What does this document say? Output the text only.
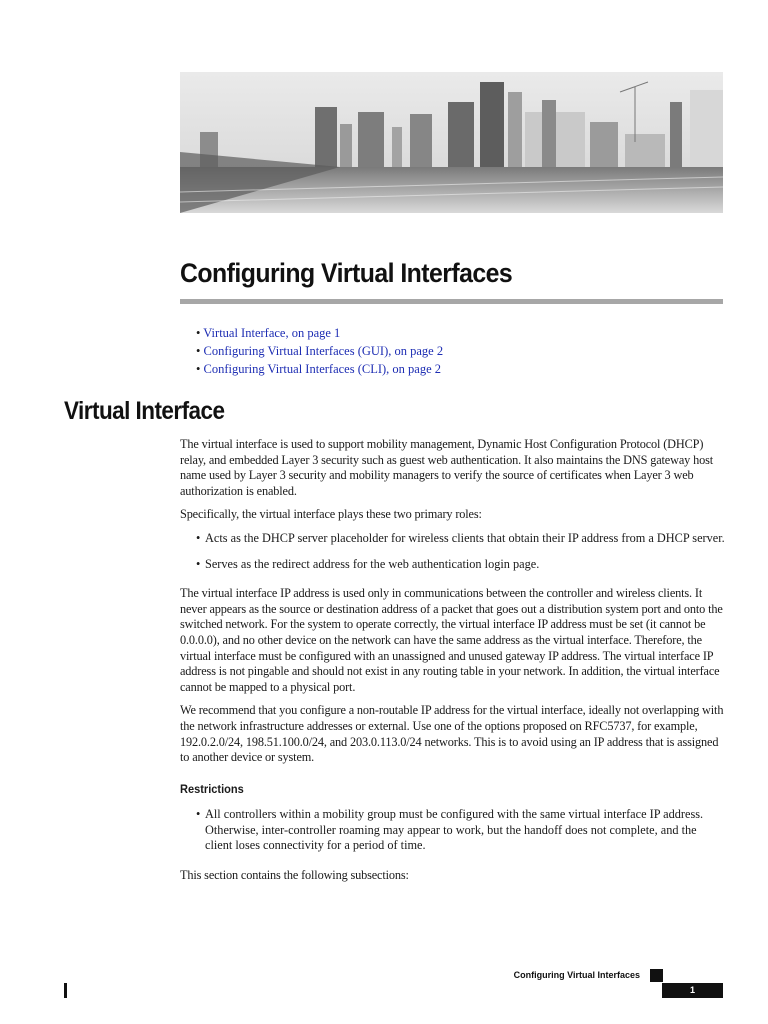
Configuring Virtual Interfaces
• Virtual Interface, on page 1
• Configuring Virtual Interfaces (GUI), on page 2
• Configuring Virtual Interfaces (CLI), on page 2
Virtual Interface

The virtual interface is used to support mobility management, Dynamic Host Configuration Protocol (DHCP) relay, and embedded Layer 3 security such as guest web authentication. It also maintains the DNS gateway host name used by Layer 3 security and mobility managers to verify the source of certificates when Layer 3 web authorization is enabled.

Specifically, the virtual interface plays these two primary roles:

• Acts as the DHCP server placeholder for wireless clients that obtain their IP address from a DHCP server.
• Serves as the redirect address for the web authentication login page.

The virtual interface IP address is used only in communications between the controller and wireless clients. It never appears as the source or destination address of a packet that goes out a distribution system port and onto the switched network. For the system to operate correctly, the virtual interface IP address must be set (it cannot be 0.0.0.0), and no other device on the network can have the same address as the virtual interface. Therefore, the virtual interface must be configured with an unassigned and unused gateway IP address. The virtual interface IP address is not pingable and should not exist in any routing table in your network. In addition, the virtual interface cannot be mapped to a physical port.

We recommend that you configure a non-routable IP address for the virtual interface, ideally not overlapping with the network infrastructure addresses or external. Use one of the options proposed on RFC5737, for example, 192.0.2.0/24, 198.51.100.0/24, and 203.0.113.0/24 networks. This is to avoid using an IP address that is assigned to another device or system.

Restrictions
• All controllers within a mobility group must be configured with the same virtual interface IP address. Otherwise, inter-controller roaming may appear to work, but the handoff does not complete, and the client loses connectivity for a period of time.

This section contains the following subsections:

Configuring Virtual Interfaces
1
